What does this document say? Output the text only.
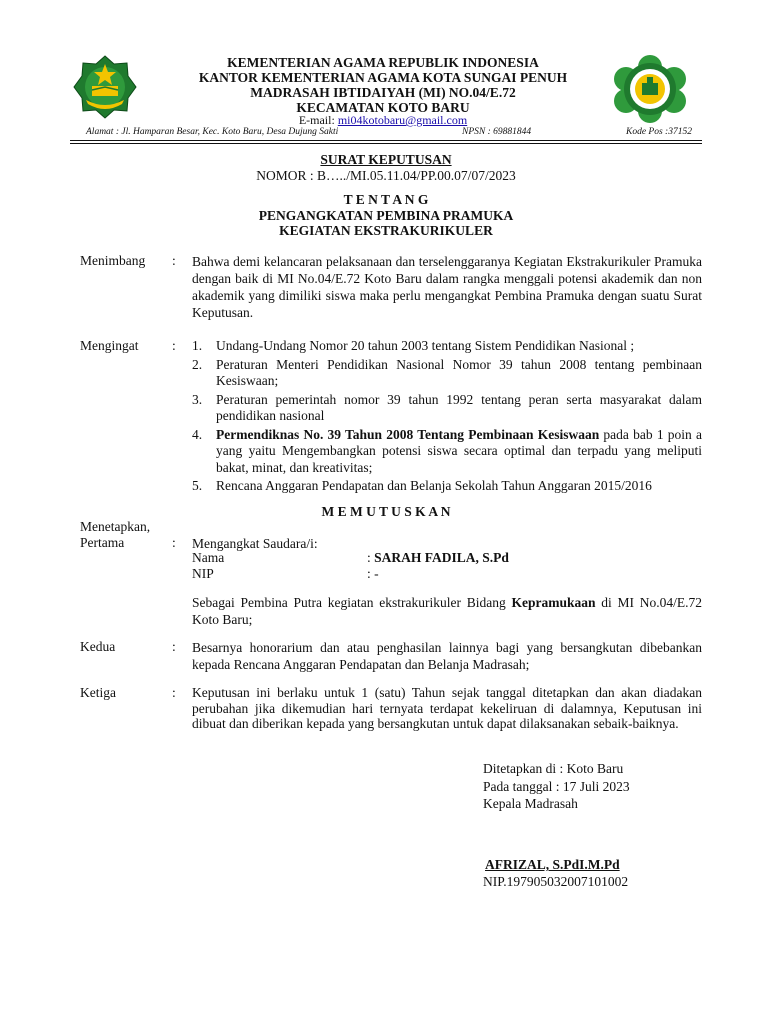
KEMENTERIAN AGAMA REPUBLIK INDONESIA
KANTOR KEMENTERIAN AGAMA KOTA SUNGAI PENUH
MADRASAH IBTIDAIYAH (MI) NO.04/E.72
KECAMATAN KOTO BARU
E-mail: mi04kotobaru@gmail.com
Alamat : Jl. Hamparan Besar, Kec. Koto Baru, Desa Dujung Sakti	NPSN : 69881844	Kode Pos :37152
SURAT KEPUTUSAN
NOMOR : B…../MI.05.11.04/PP.00.07/07/2023
T E N T A N G
PENGANGKATAN PEMBINA PRAMUKA
KEGIATAN EKSTRAKURIKULER
Menimbang : Bahwa demi kelancaran pelaksanaan dan terselenggaranya Kegiatan Ekstrakurikuler Pramuka dengan baik di MI No.04/E.72 Koto Baru dalam rangka menggali potensi akademik dan non akademik yang dimiliki siswa maka perlu mengangkat Pembina Pramuka dengan suatu Surat Keputusan.
Mengingat : 1.	Undang-Undang Nomor 20 tahun 2003 tentang Sistem Pendidikan Nasional ;
2.	Peraturan Menteri Pendidikan Nasional Nomor 39 tahun 2008 tentang pembinaan Kesiswaan;
3.	Peraturan pemerintah nomor 39 tahun 1992 tentang peran serta masyarakat dalam pendidikan nasional
4.	Permendiknas No. 39 Tahun 2008 Tentang Pembinaan Kesiswaan pada bab 1 poin a yang yaitu Mengembangkan potensi siswa secara optimal dan terpadu yang meliputi bakat, minat, dan kreativitas;
5.	Rencana Anggaran Pendapatan dan Belanja Sekolah Tahun Anggaran 2015/2016
M E M U T U S K A N
Menetapkan,
Pertama	: Mengangkat Saudara/i:
Nama	: SARAH FADILA, S.Pd
NIP	: -
Sebagai Pembina Putra kegiatan ekstrakurikuler Bidang Kepramukaan di MI No.04/E.72 Koto Baru;
Kedua	: Besarnya honorarium dan atau penghasilan lainnya bagi yang bersangkutan dibebankan kepada Rencana Anggaran Pendapatan dan Belanja Madrasah;
Ketiga	: Keputusan ini berlaku untuk 1 (satu) Tahun sejak tanggal ditetapkan dan akan diadakan perubahan jika dikemudian hari ternyata terdapat kekeliruan di dalamnya, Keputusan ini dibuat dan diberikan kepada yang bersangkutan untuk dapat dilaksanakan sebaik-baiknya.
Ditetapkan di : Koto Baru
Pada tanggal : 17 Juli 2023
Kepala Madrasah
AFRIZAL, S.PdI.M.Pd
NIP.197905032007101002
